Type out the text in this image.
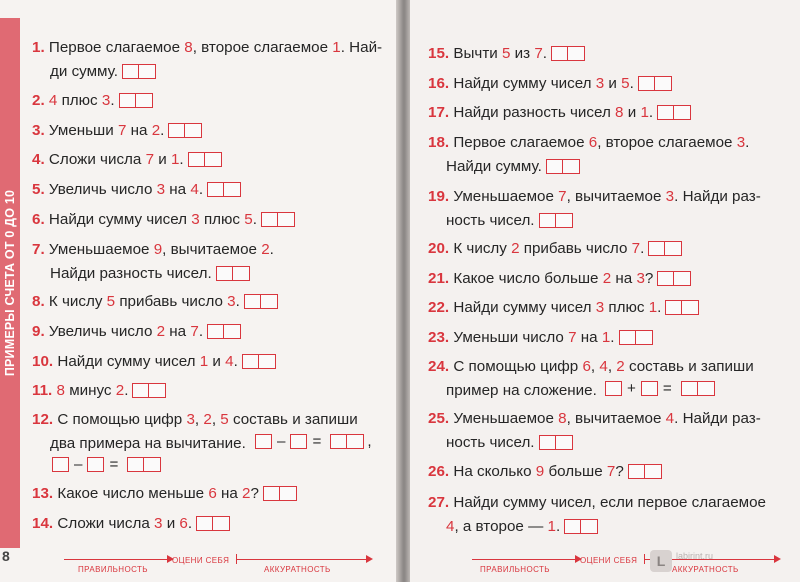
ПРИМЕРЫ СЧЕТА ОТ 0 ДО 10
1. Первое слагаемое 8, второе слагаемое 1. Най-
ди сумму.
2. 4 плюс 3.
3. Уменьши 7 на 2.
4. Сложи числа 7 и 1.
5. Увеличь число 3 на 4.
6. Найди сумму чисел 3 плюс 5.
7. Уменьшаемое 9, вычитаемое 2.
Найди разность чисел.
8. К числу 5 прибавь число 3.
9. Увеличь число 2 на 7.
10. Найди сумму чисел 1 и 4.
11. 8 минус 2.
12. С помощью цифр 3, 2, 5 составь и запиши
два примера на вычитание.
13. Какое число меньше 6 на 2?
14. Сложи числа 3 и 6.
– =	,
– =
8
ПРАВИЛЬНОСТЬ
ОЦЕНИ СЕБЯ
АККУРАТНОСТЬ
15. Вычти 5 из 7.
16. Найди сумму чисел 3 и 5.
17. Найди разность чисел 8 и 1.
18. Первое слагаемое 6, второе слагаемое 3.
Найди сумму.
19. Уменьшаемое 7, вычитаемое 3. Найди раз-
ность чисел.
20. К числу 2 прибавь число 7.
21. Какое число больше 2 на 3?
22. Найди сумму чисел 3 плюс 1.
23. Уменьши число 7 на 1.
24. С помощью цифр 6, 4, 2 составь и запиши
пример на сложение.
25. Уменьшаемое 8, вычитаемое 4. Найди раз-
ность чисел.
26. На сколько 9 больше 7?
27. Найди сумму чисел, если первое слагаемое
4, а второе — 1.
+ =
ПРАВИЛЬНОСТЬ
ОЦЕНИ СЕБЯ
АККУРАТНОСТЬ
L	labirint.ru
